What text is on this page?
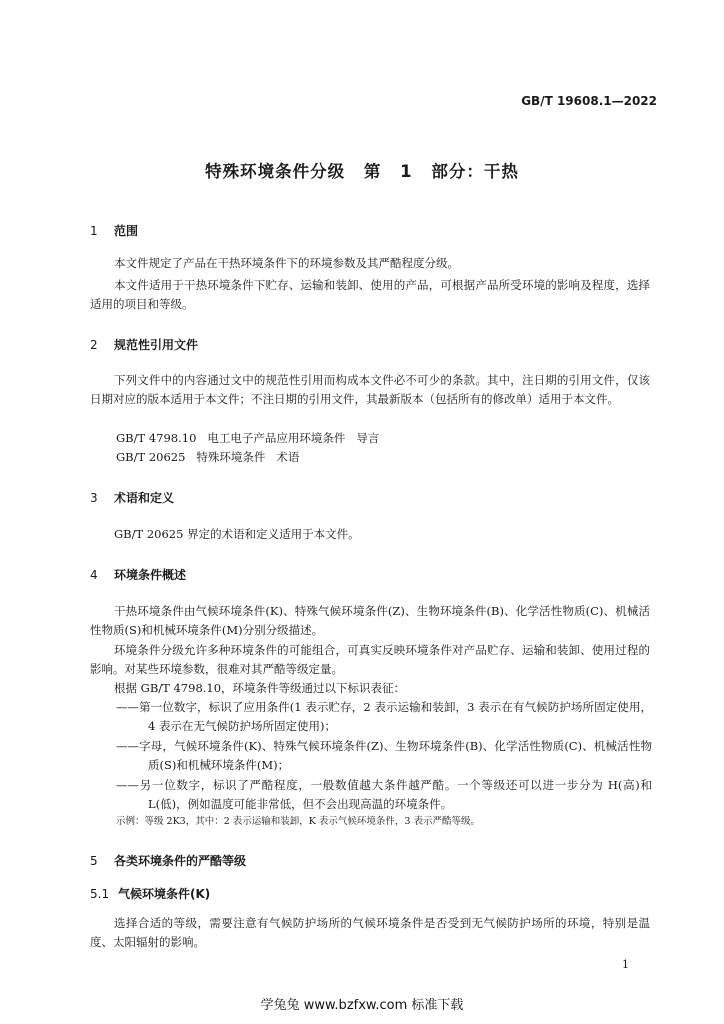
GB/T 19608.1—2022
特殊环境条件分级 第 1 部分：干热
1 范围
本文件规定了产品在干热环境条件下的环境参数及其严酷程度分级。
本文件适用于干热环境条件下贮存、运输和装卸、使用的产品，可根据产品所受环境的影响及程度，选择适用的项目和等级。
2 规范性引用文件
下列文件中的内容通过文中的规范性引用而构成本文件必不可少的条款。其中，注日期的引用文件，仅该日期对应的版本适用于本文件；不注日期的引用文件，其最新版本（包括所有的修改单）适用于本文件。
GB/T 4798.10   电工电子产品应用环境条件   导言
GB/T 20625   特殊环境条件   术语
3 术语和定义
GB/T 20625 界定的术语和定义适用于本文件。
4 环境条件概述
干热环境条件由气候环境条件(K)、特殊气候环境条件(Z)、生物环境条件(B)、化学活性物质(C)、机械活性物质(S)和机械环境条件(M)分别分级描述。
环境条件分级允许多种环境条件的可能组合，可真实反映环境条件对产品贮存、运输和装卸、使用过程的影响。对某些环境参数，很难对其严酷等级定量。
根据 GB/T 4798.10，环境条件等级通过以下标识表征：
——第一位数字，标识了应用条件(1 表示贮存，2 表示运输和装卸，3 表示在有气候防护场所固定使用，4 表示在无气候防护场所固定使用)；
——字母，气候环境条件(K)、特殊气候环境条件(Z)、生物环境条件(B)、化学活性物质(C)、机械活性物质(S)和机械环境条件(M)；
——另一位数字，标识了严酷程度，一般数值越大条件越严酷。一个等级还可以进一步分为 H(高)和 L(低)，例如温度可能非常低，但不会出现高温的环境条件。
示例：等级 2K3，其中：2 表示运输和装卸，K 表示气候环境条件，3 表示严酷等级。
5 各类环境条件的严酷等级
5.1 气候环境条件(K)
选择合适的等级，需要注意有气候防护场所的气候环境条件是否受到无气候防护场所的环境，特别是温度、太阳辐射的影响。
1
学兔兔 www.bzfxw.com 标准下载
